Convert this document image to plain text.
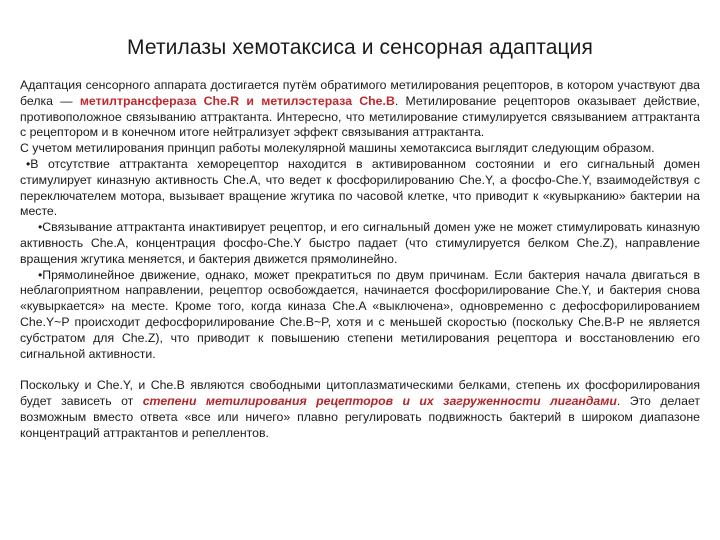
Метилазы хемотаксиса и сенсорная адаптация

Адаптация сенсорного аппарата достигается путём обратимого метилирования рецепторов, в котором участвуют два белка — метилтрансфераза Che.R и метилэстераза Che.B. Метилирование рецепторов оказывает действие, противоположное связыванию аттрактанта. Интересно, что метилирование стимулируется связыванием аттрактанта с рецептором и в конечном итоге нейтрализует эффект связывания аттрактанта.

С учетом метилирования принцип работы молекулярной машины хемотаксиса выглядит следующим образом.

•В отсутствие аттрактанта хеморецептор находится в активированном состоянии и его сигнальный домен стимулирует киназную активность Che.A, что ведет к фосфорилированию Che.Y, а фосфо-Che.Y, взаимодействуя с переключателем мотора, вызывает вращение жгутика по часовой клетке, что приводит к «кувырканию» бактерии на месте.

•Связывание аттрактанта инактивирует рецептор, и его сигнальный домен уже не может стимулировать киназную активность Che.A, концентрация фосфо-Che.Y быстро падает (что стимулируется белком Che.Z), направление вращения жгутика меняется, и бактерия движется прямолинейно.

•Прямолинейное движение, однако, может прекратиться по двум причинам. Если бактерия начала двигаться в неблагоприятном направлении, рецептор освобождается, начинается фосфорилирование Che.Y, и бактерия снова «кувыркается» на месте. Кроме того, когда киназа Che.A «выключена», одновременно с дефосфорилированием Che.Y~P происходит дефосфорилирование Che.B~P, хотя и с меньшей скоростью (поскольку Che.B-P не является субстратом для Che.Z), что приводит к повышению степени метилирования рецептора и восстановлению его сигнальной активности.

Поскольку и Che.Y, и Che.B являются свободными цитоплазматическими белками, степень их фосфорилирования будет зависеть от степени метилирования рецепторов и их загруженности лигандами. Это делает возможным вместо ответа «все или ничего» плавно регулировать подвижность бактерий в широком диапазоне концентраций аттрактантов и репеллентов.
